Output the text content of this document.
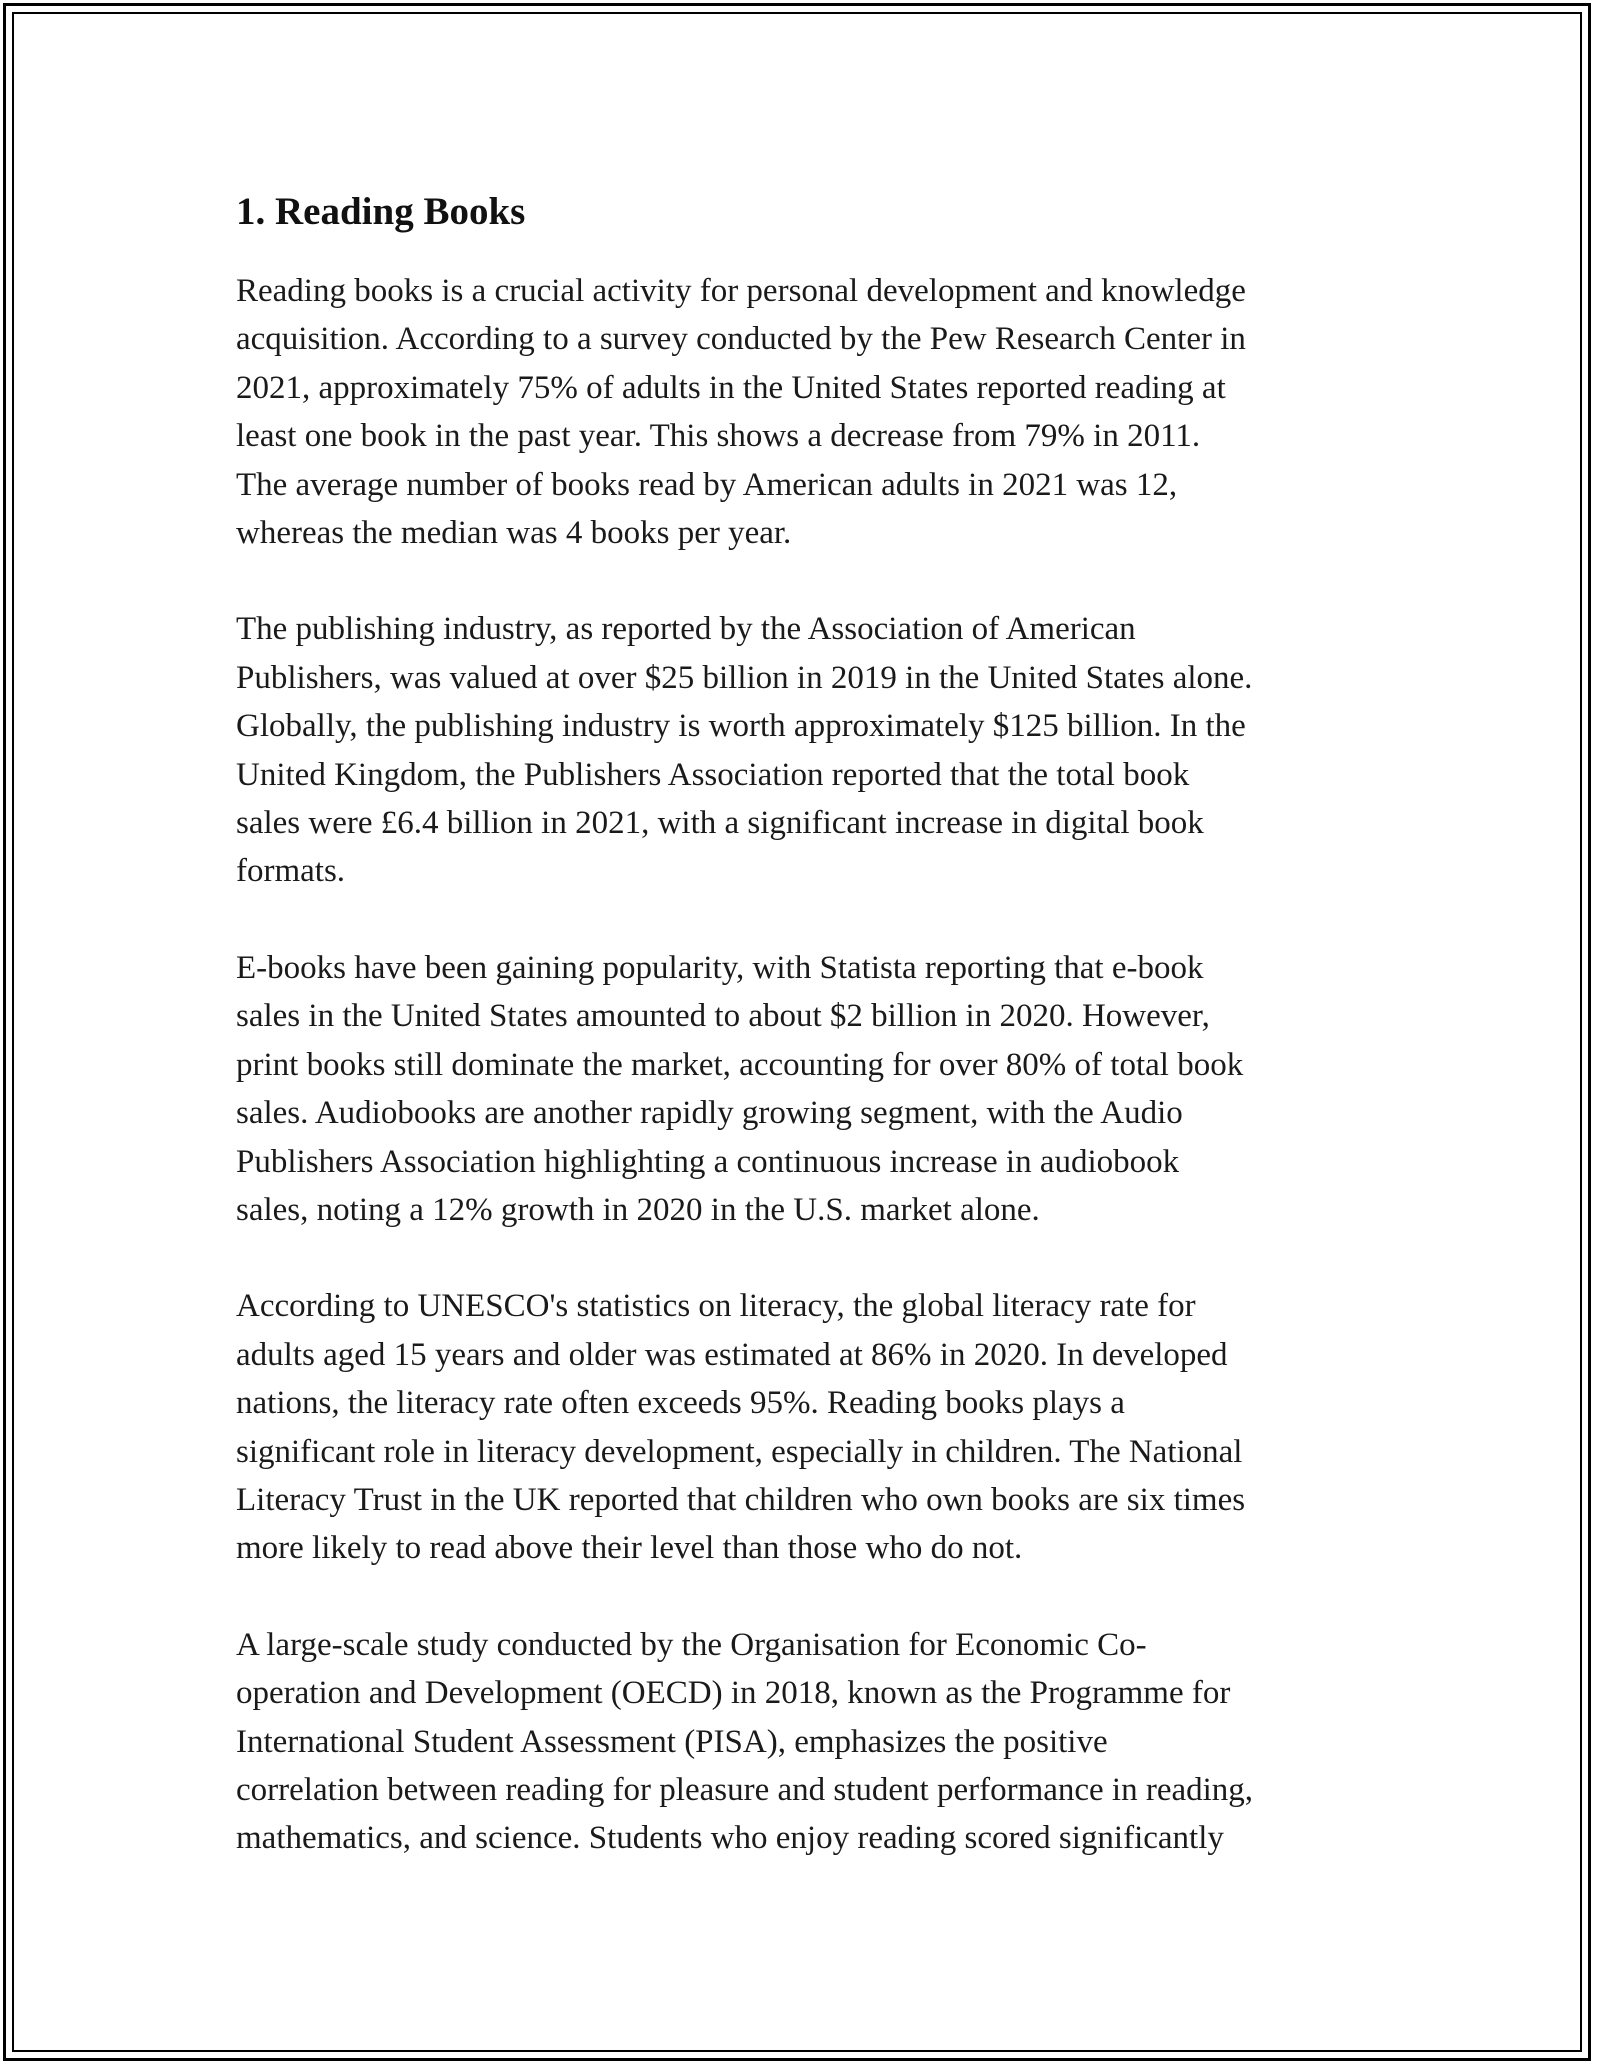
1. Reading Books

Reading books is a crucial activity for personal development and knowledge
acquisition. According to a survey conducted by the Pew Research Center in
2021, approximately 75% of adults in the United States reported reading at
least one book in the past year. This shows a decrease from 79% in 2011.
The average number of books read by American adults in 2021 was 12,
whereas the median was 4 books per year.

The publishing industry, as reported by the Association of American
Publishers, was valued at over $25 billion in 2019 in the United States alone.
Globally, the publishing industry is worth approximately $125 billion. In the
United Kingdom, the Publishers Association reported that the total book
sales were £6.4 billion in 2021, with a significant increase in digital book
formats.

E-books have been gaining popularity, with Statista reporting that e-book
sales in the United States amounted to about $2 billion in 2020. However,
print books still dominate the market, accounting for over 80% of total book
sales. Audiobooks are another rapidly growing segment, with the Audio
Publishers Association highlighting a continuous increase in audiobook
sales, noting a 12% growth in 2020 in the U.S. market alone.

According to UNESCO's statistics on literacy, the global literacy rate for
adults aged 15 years and older was estimated at 86% in 2020. In developed
nations, the literacy rate often exceeds 95%. Reading books plays a
significant role in literacy development, especially in children. The National
Literacy Trust in the UK reported that children who own books are six times
more likely to read above their level than those who do not.

A large-scale study conducted by the Organisation for Economic Co-
operation and Development (OECD) in 2018, known as the Programme for
International Student Assessment (PISA), emphasizes the positive
correlation between reading for pleasure and student performance in reading,
mathematics, and science. Students who enjoy reading scored significantly
